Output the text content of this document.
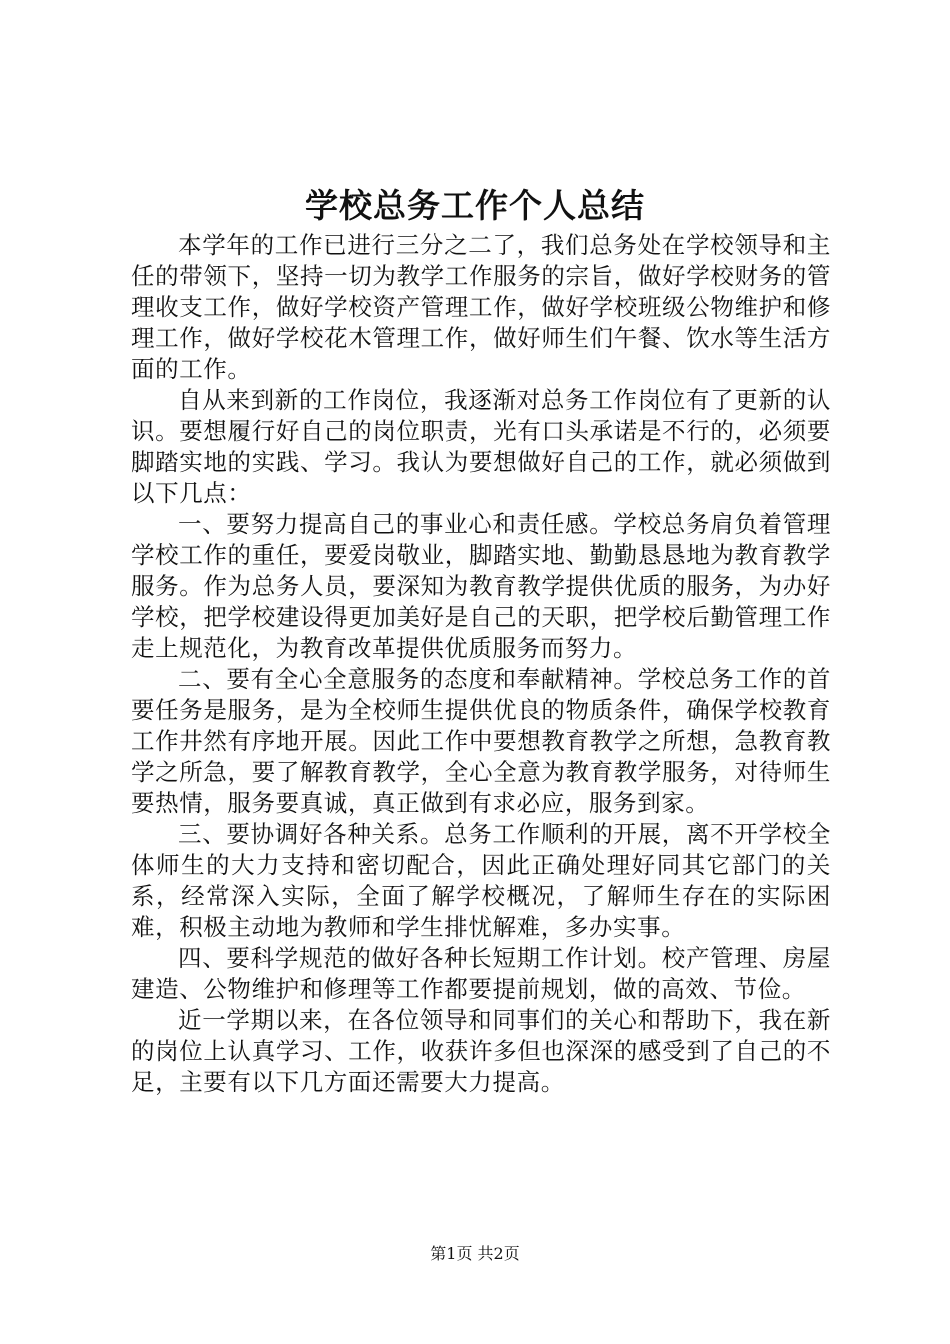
学校总务工作个人总结

本学年的工作已进行三分之二了，我们总务处在学校领导和主任的带领下，坚持一切为教学工作服务的宗旨，做好学校财务的管理收支工作，做好学校资产管理工作，做好学校班级公物维护和修理工作，做好学校花木管理工作，做好师生们午餐、饮水等生活方面的工作。

自从来到新的工作岗位，我逐渐对总务工作岗位有了更新的认识。要想履行好自己的岗位职责，光有口头承诺是不行的，必须要脚踏实地的实践、学习。我认为要想做好自己的工作，就必须做到以下几点：

一、要努力提高自己的事业心和责任感。学校总务肩负着管理学校工作的重任，要爱岗敬业，脚踏实地、勤勤恳恳地为教育教学服务。作为总务人员，要深知为教育教学提供优质的服务，为办好学校，把学校建设得更加美好是自己的天职，把学校后勤管理工作走上规范化，为教育改革提供优质服务而努力。

二、要有全心全意服务的态度和奉献精神。学校总务工作的首要任务是服务，是为全校师生提供优良的物质条件，确保学校教育工作井然有序地开展。因此工作中要想教育教学之所想，急教育教学之所急，要了解教育教学，全心全意为教育教学服务，对待师生要热情，服务要真诚，真正做到有求必应，服务到家。

三、要协调好各种关系。总务工作顺利的开展，离不开学校全体师生的大力支持和密切配合，因此正确处理好同其它部门的关系，经常深入实际，全面了解学校概况，了解师生存在的实际困难，积极主动地为教师和学生排忧解难，多办实事。

四、要科学规范的做好各种长短期工作计划。校产管理、房屋建造、公物维护和修理等工作都要提前规划，做的高效、节俭。

近一学期以来，在各位领导和同事们的关心和帮助下，我在新的岗位上认真学习、工作，收获许多但也深深的感受到了自己的不足，主要有以下几方面还需要大力提高。

第1页 共2页
